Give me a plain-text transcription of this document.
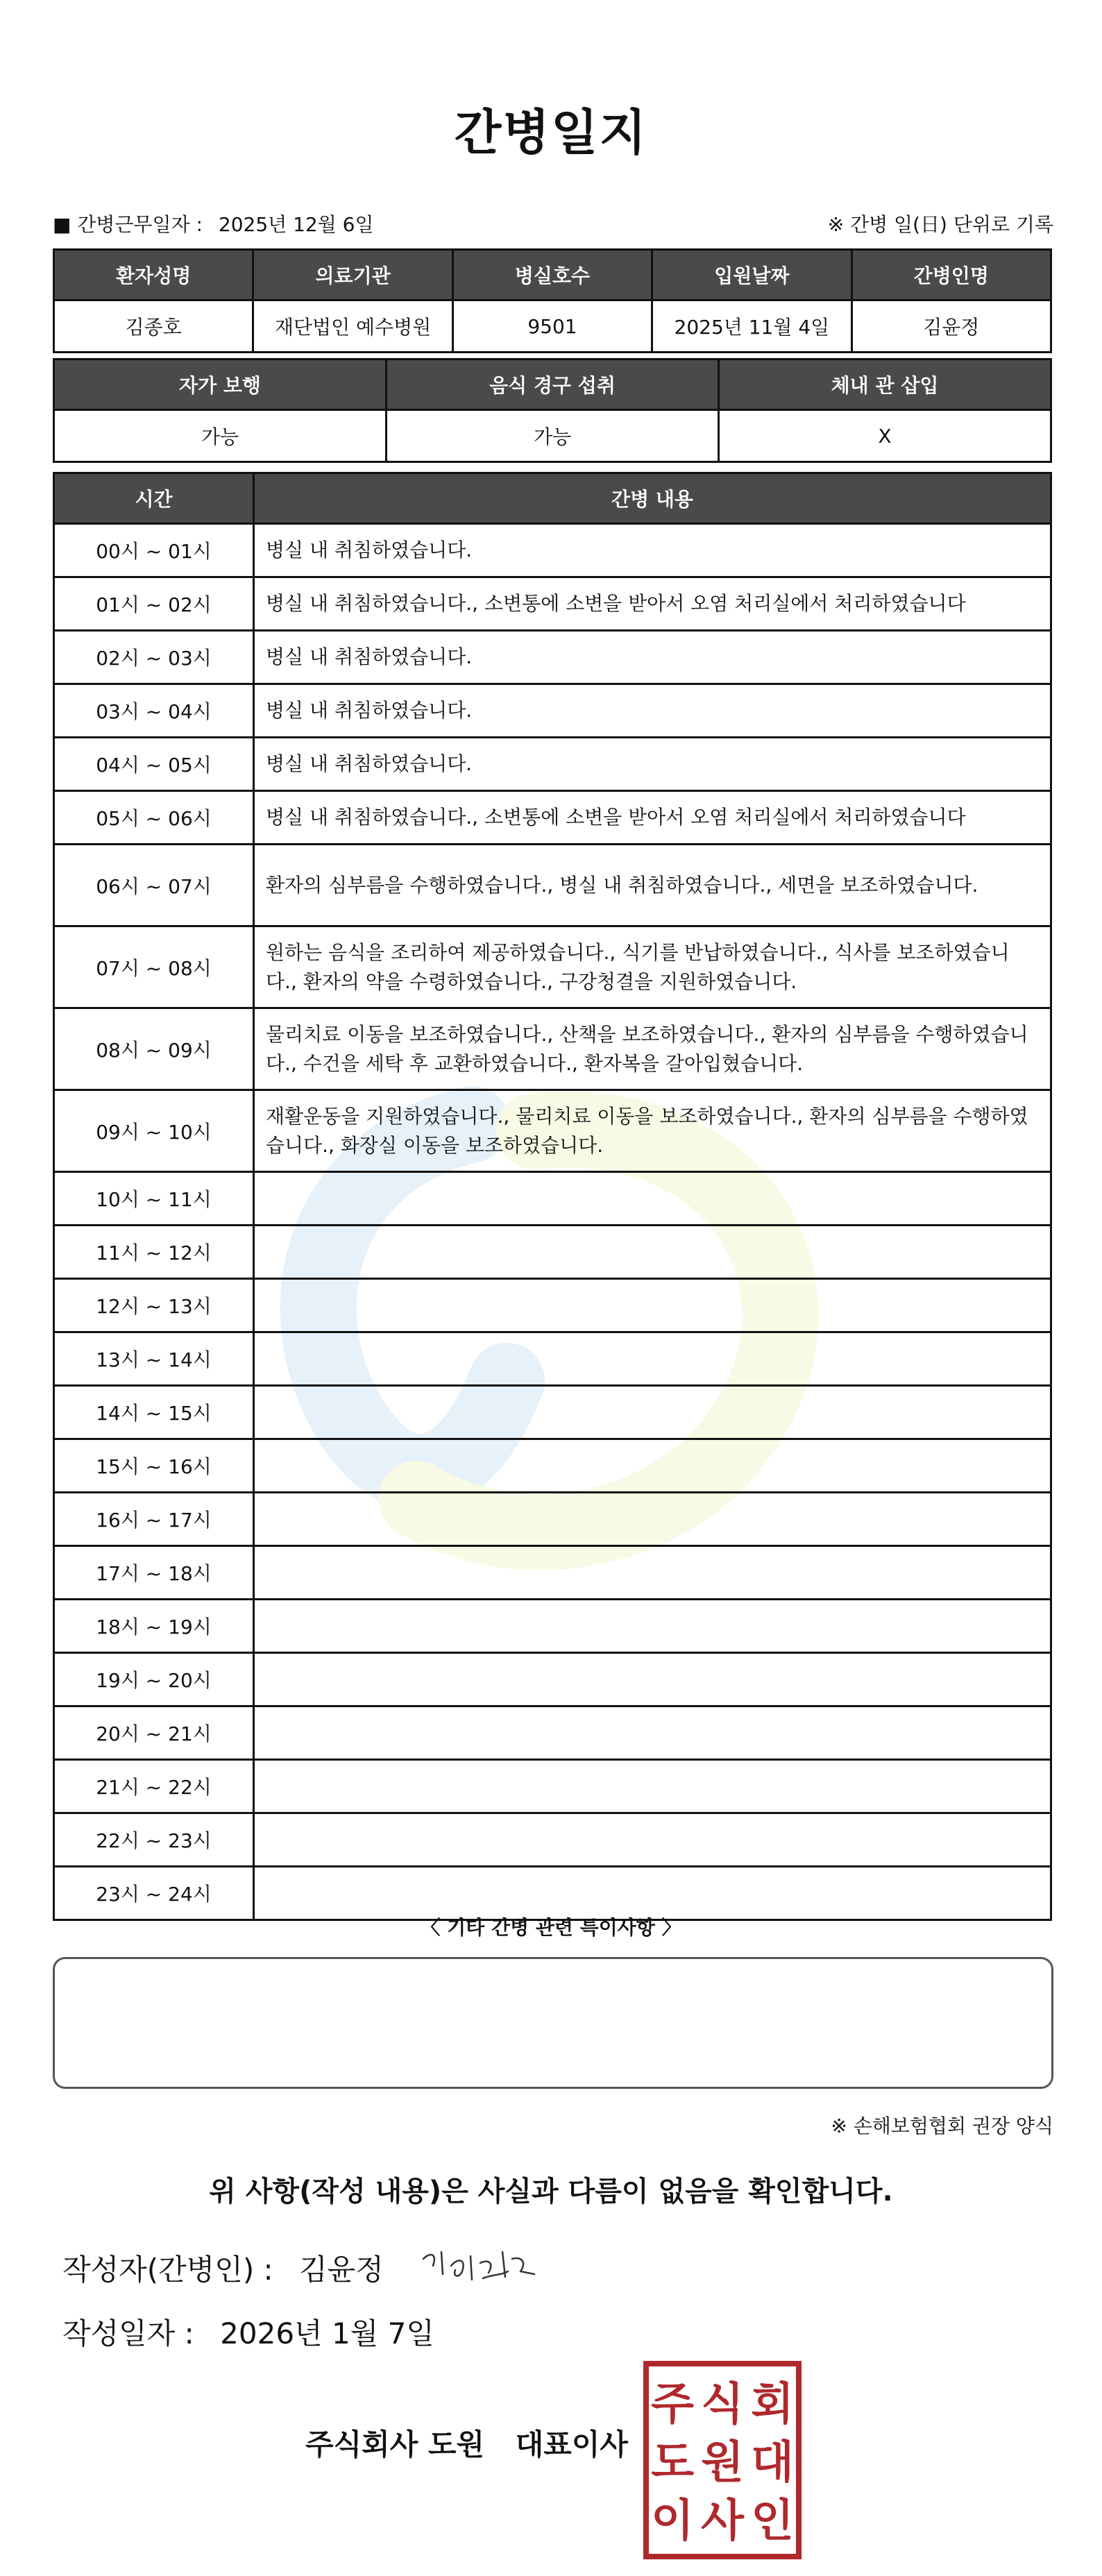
간병일지
■ 간병근무일자 : 2025년 12월 6일	※ 간병 일(日) 단위로 기록
환자성명	의료기관	병실호수	입원날짜	간병인명
김종호	재단법인 예수병원	9501	2025년 11월 4일	김윤정
자가 보행	음식 경구 섭취	체내 관 삽입
가능	가능	X
시간	간병 내용
00시 ~ 01시	병실 내 취침하였습니다.
01시 ~ 02시	병실 내 취침하였습니다., 소변통에 소변을 받아서 오염 처리실에서 처리하였습니다
02시 ~ 03시	병실 내 취침하였습니다.
03시 ~ 04시	병실 내 취침하였습니다.
04시 ~ 05시	병실 내 취침하였습니다.
05시 ~ 06시	병실 내 취침하였습니다., 소변통에 소변을 받아서 오염 처리실에서 처리하였습니다
06시 ~ 07시	환자의 심부름을 수행하였습니다., 병실 내 취침하였습니다., 세면을 보조하였습니다.
07시 ~ 08시	원하는 음식을 조리하여 제공하였습니다., 식기를 반납하였습니다., 식사를 보조하였습니다., 환자의 약을 수령하였습니다., 구강청결을 지원하였습니다.
08시 ~ 09시	물리치료 이동을 보조하였습니다., 산책을 보조하였습니다., 환자의 심부름을 수행하였습니다., 수건을 세탁 후 교환하였습니다., 환자복을 갈아입혔습니다.
09시 ~ 10시	재활운동을 지원하였습니다., 물리치료 이동을 보조하였습니다., 환자의 심부름을 수행하였습니다., 화장실 이동을 보조하였습니다.
10시 ~ 11시	
11시 ~ 12시	
12시 ~ 13시	
13시 ~ 14시	
14시 ~ 15시	
15시 ~ 16시	
16시 ~ 17시	
17시 ~ 18시	
18시 ~ 19시	
19시 ~ 20시	
20시 ~ 21시	
21시 ~ 22시	
22시 ~ 23시	
23시 ~ 24시	
〈 기타 간병 관련 특이사항 〉
※ 손해보험협회 권장 양식
위 사항(작성 내용)은 사실과 다름이 없음을 확인합니다.
작성자(간병인) : 김윤정
작성일자 : 2026년 1월 7일
주식회사 도원 대표이사
주 식 회
도 원 대
이 사 인
